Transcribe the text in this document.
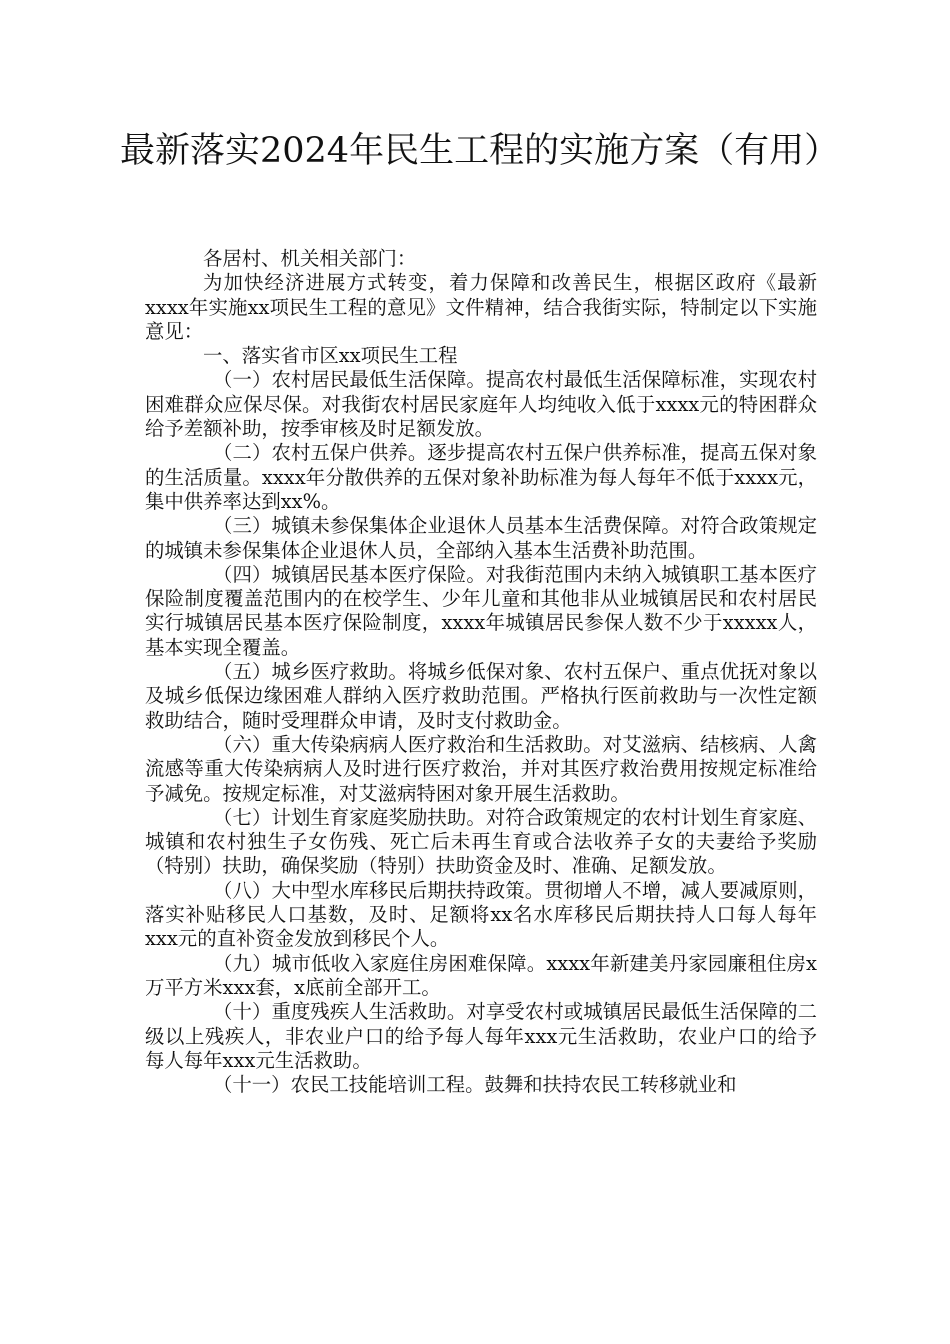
最新落实2024年民生工程的实施方案（有用）

各居村、机关相关部门：

为加快经济进展方式转变，着力保障和改善民生，根据区政府《最新xxxx年实施xx项民生工程的意见》文件精神，结合我街实际，特制定以下实施意见：

一、落实省市区xx项民生工程

（一）农村居民最低生活保障。提高农村最低生活保障标准，实现农村困难群众应保尽保。对我街农村居民家庭年人均纯收入低于xxxx元的特困群众给予差额补助，按季审核及时足额发放。

（二）农村五保户供养。逐步提高农村五保户供养标准，提高五保对象的生活质量。xxxx年分散供养的五保对象补助标准为每人每年不低于xxxx元，集中供养率达到xx%。

（三）城镇未参保集体企业退休人员基本生活费保障。对符合政策规定的城镇未参保集体企业退休人员，全部纳入基本生活费补助范围。

（四）城镇居民基本医疗保险。对我街范围内未纳入城镇职工基本医疗保险制度覆盖范围内的在校学生、少年儿童和其他非从业城镇居民和农村居民实行城镇居民基本医疗保险制度，xxxx年城镇居民参保人数不少于xxxxx人，基本实现全覆盖。

（五）城乡医疗救助。将城乡低保对象、农村五保户、重点优抚对象以及城乡低保边缘困难人群纳入医疗救助范围。严格执行医前救助与一次性定额救助结合，随时受理群众申请，及时支付救助金。

（六）重大传染病病人医疗救治和生活救助。对艾滋病、结核病、人禽流感等重大传染病病人及时进行医疗救治，并对其医疗救治费用按规定标准给予减免。按规定标准，对艾滋病特困对象开展生活救助。

（七）计划生育家庭奖励扶助。对符合政策规定的农村计划生育家庭、城镇和农村独生子女伤残、死亡后未再生育或合法收养子女的夫妻给予奖励（特别）扶助，确保奖励（特别）扶助资金及时、准确、足额发放。

（八）大中型水库移民后期扶持政策。贯彻增人不增，减人要减原则，落实补贴移民人口基数，及时、足额将xx名水库移民后期扶持人口每人每年xxx元的直补资金发放到移民个人。

（九）城市低收入家庭住房困难保障。xxxx年新建美丹家园廉租住房x万平方米xxx套，x底前全部开工。

（十）重度残疾人生活救助。对享受农村或城镇居民最低生活保障的二级以上残疾人，非农业户口的给予每人每年xxx元生活救助，农业户口的给予每人每年xxx元生活救助。

（十一）农民工技能培训工程。鼓舞和扶持农民工转移就业和
